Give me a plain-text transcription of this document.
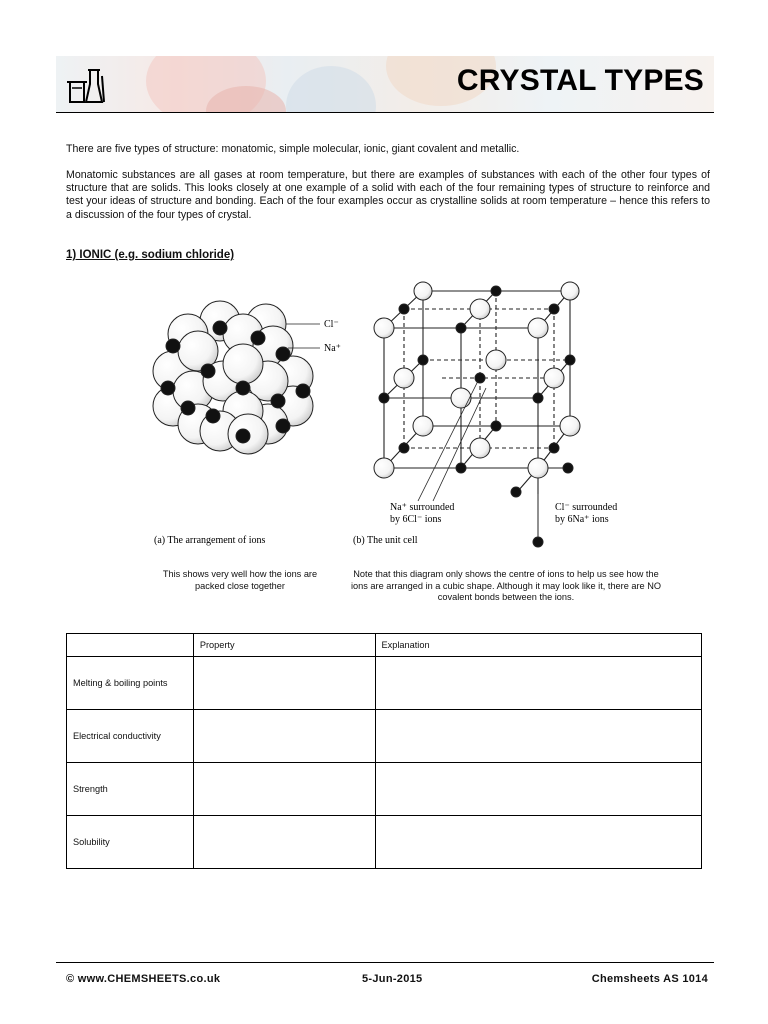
CRYSTAL TYPES
There are five types of structure: monatomic, simple molecular, ionic, giant covalent and metallic.
Monatomic substances are all gases at room temperature, but there are examples of substances with each of the other four types of structure that are solids. This looks closely at one example of a solid with each of the four remaining types of structure to reinforce and test your ideas of structure and bonding. Each of the four examples occur as crystalline solids at room temperature – hence this refers to a discussion of the four types of crystal.
1) IONIC (e.g. sodium chloride)
Cl⁻
Na⁺
(a) The arrangement of ions
Na⁺ surrounded
by 6Cl⁻ ions
Cl⁻ surrounded
by 6Na⁺ ions
(b) The unit cell
This shows very well how the ions are packed close together
Note that this diagram only shows the centre of ions to help us see how the ions are arranged in a cubic shape. Although it may look like it, there are NO covalent bonds between the ions.
	Property	Explanation
Melting & boiling points		
Electrical conductivity		
Strength		
Solubility		
© www.CHEMSHEETS.co.uk	5-Jun-2015	Chemsheets AS 1014
